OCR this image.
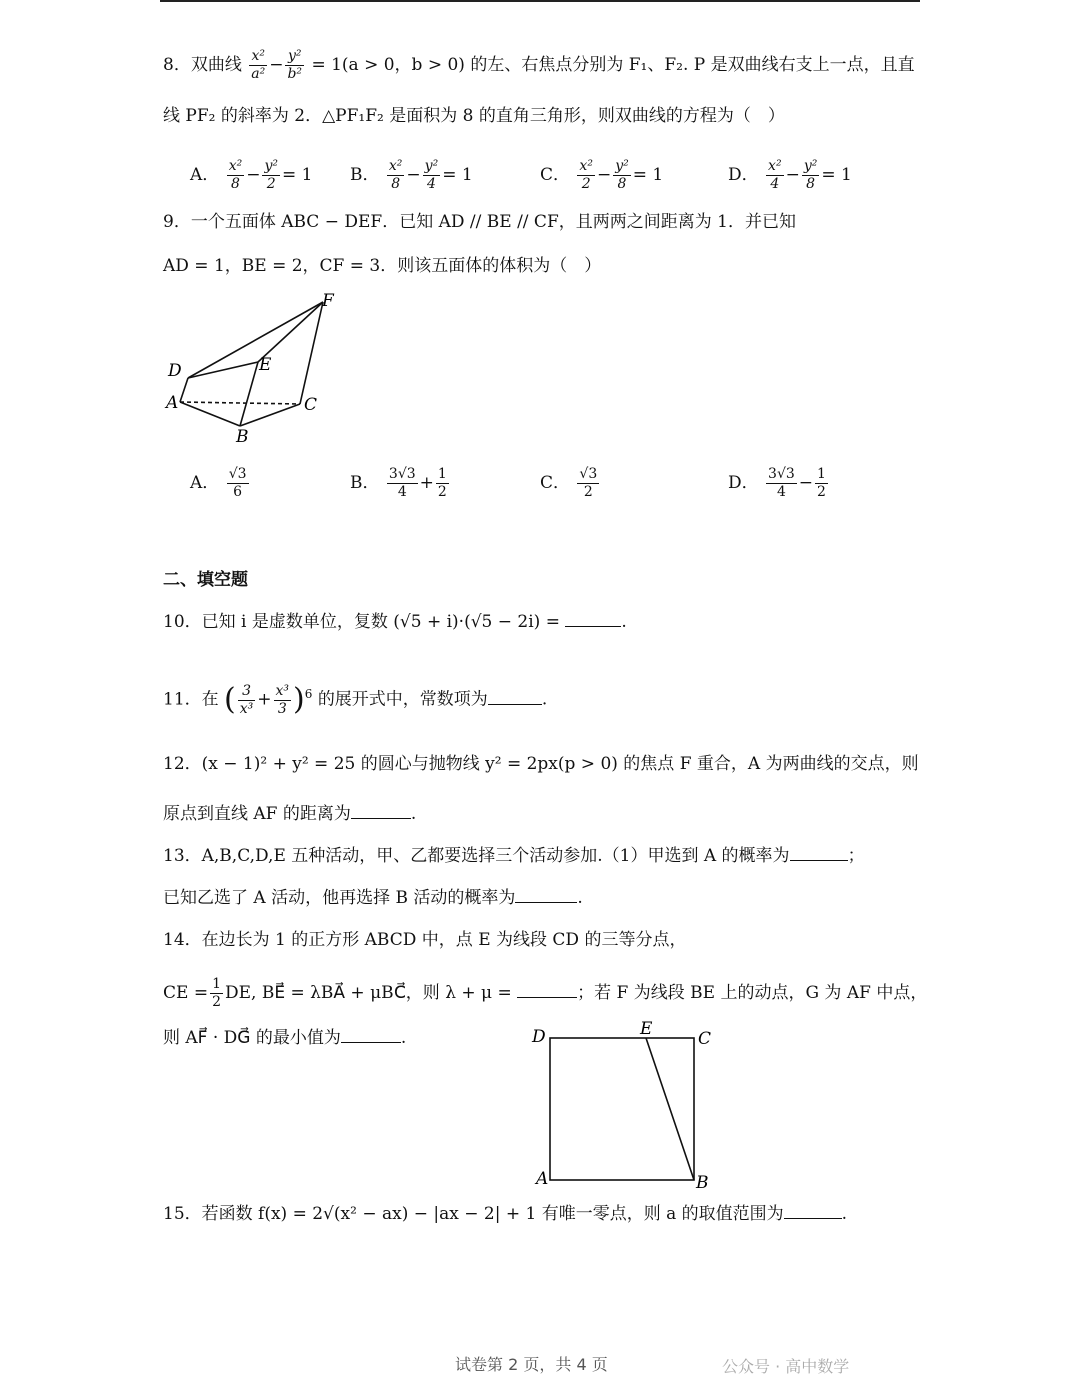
8．双曲线 $\frac{\text{x²}}{\text{a²}} - \frac{\text{y²}}{\text{b²}} = 1(a > 0$，b > 0) 的左、右焦点分别为 F₁、F₂. P 是双曲线右支上一点，且直
线 PF₂ 的斜率为 2．△PF₁F₂ 是面积为 8 的直角三角形，则双曲线的方程为（　）
A． $\frac{\text{x²}}{8} - \frac{\text{y²}}{2} = 1$ B． $\frac{\text{x²}}{8} - \frac{\text{y²}}{4} = 1$	C． $\frac{\text{x²}}{2} - \frac{\text{y²}}{8} = 1$	D． $\frac{\text{x²}}{4} - \frac{\text{y²}}{8} = 1$
9．一个五面体 ABC − DEF．已知 AD // BE // CF，且两两之间距离为 1．并已知
AD = 1，BE = 2，CF = 3．则该五面体的体积为（　）
F
D	E
A	C
B
A． $\frac{√3}{6}$	B． $\frac{3√3}{4} + \frac{1}{2}$	C． $\frac{√3}{2}$	D． $\frac{3√3}{4} - \frac{1}{2}$
二、填空题
10．已知 i 是虚数单位，复数 (√5 + i)·(√5 − 2i) =	.
11．在 ( $\frac{3}{\text{x³}} + \frac{\text{x³}}{3} )^6$ 的展开式中，常数项为	.
12．(x − 1)² + y² = 25 的圆心与抛物线 y² = 2px(p > 0) 的焦点 F 重合，A 为两曲线的交点，则
原点到直线 AF 的距离为	.
13．A,B,C,D,E 五种活动，甲、乙都要选择三个活动参加.（1）甲选到 A 的概率为	；
已知乙选了 A 活动，他再选择 B 活动的概率为	.
14．在边长为 1 的正方形 ABCD 中，点 E 为线段 CD 的三等分点，
CE = $\frac{1}{2}$ DE, BE⃗ = λBA⃗ + μBC⃗，则 λ + μ =	；若 F 为线段 BE 上的动点，G 为 AF 中点，
则 AF⃗ · DG⃗ 的最小值为	.	D	E	C
A	B
15．若函数 f(x) = 2√(x² − ax) − |ax − 2| + 1 有唯一零点，则 a 的取值范围为	.
试卷第 2 页，共 4 页	公众号 · 高中数学
